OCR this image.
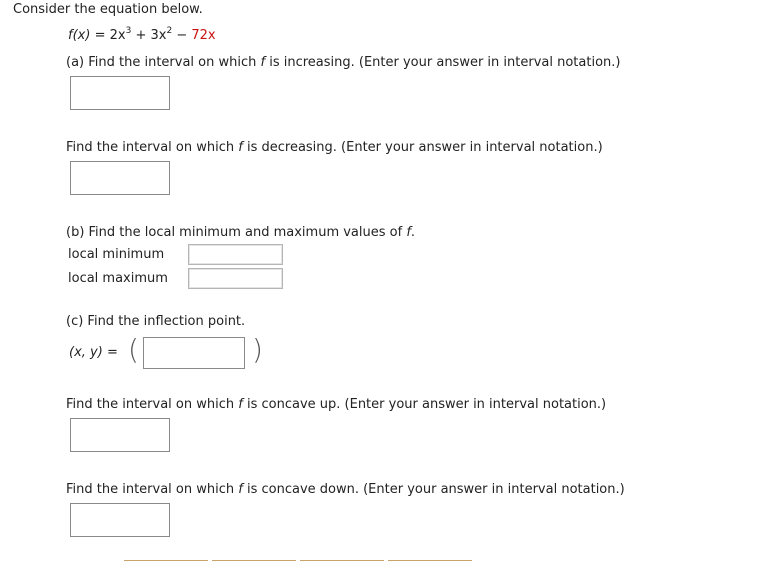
Consider the equation below.
$f(x) = 2x^3 + 3x^2 - 72x$
(a) Find the interval on which f is increasing. (Enter your answer in interval notation.)
Find the interval on which f is decreasing. (Enter your answer in interval notation.)
(b) Find the local minimum and maximum values of f.
local minimum
local maximum
(c) Find the inflection point.
(x, y) = (	)
Find the interval on which f is concave up. (Enter your answer in interval notation.)
Find the interval on which f is concave down. (Enter your answer in interval notation.)
